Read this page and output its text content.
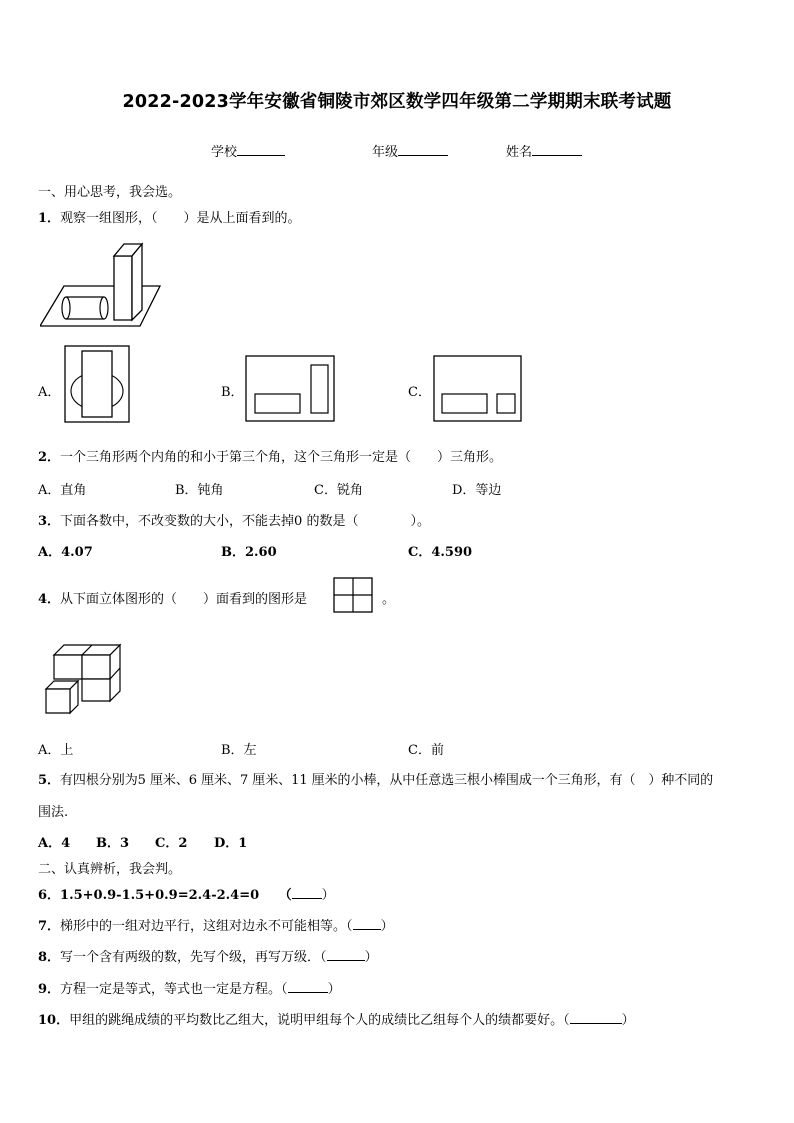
2022-2023学年安徽省铜陵市郊区数学四年级第二学期期末联考试题
学校	年级	姓名
一、用心思考，我会选。
1．观察一组图形，（　　）是从上面看到的。
A．	B．	C．
2．一个三角形两个内角的和小于第三个角，这个三角形一定是（　　）三角形。
A．直角	B．钝角	C．锐角	D．等边
3．下面各数中，不改变数的大小，不能去掉0 的数是（　　　　）。
A．4.07	B．2.60	C．4.590
4．从下面立体图形的（　　）面看到的图形是	。
A．上	B．左	C．前
5．有四根分别为5 厘米、6 厘米、7 厘米、11 厘米的小棒，从中任意选三根小棒围成一个三角形，有（　）种不同的
围法.
A．4 B．3 C．2 D．1
二、认真辨析，我会判。
6．1.5+0.9-1.5+0.9=2.4-2.4=0　　（ ）
7．梯形中的一组对边平行，这组对边永不可能相等。（ ）
8．写一个含有两级的数，先写个级，再写万级．（	）
9．方程一定是等式，等式也一定是方程。（	）
10．甲组的跳绳成绩的平均数比乙组大，说明甲组每个人的成绩比乙组每个人的绩都要好。（	）
